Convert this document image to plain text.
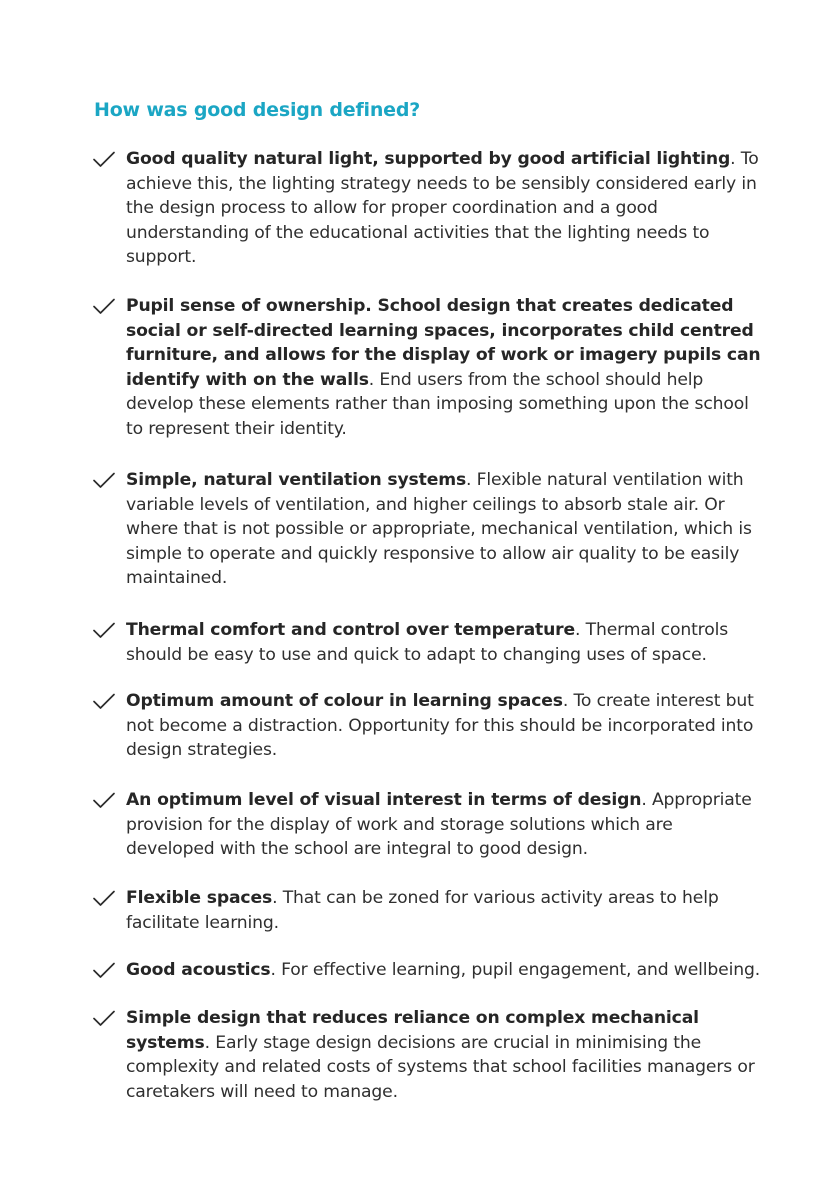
How was good design defined?

Good quality natural light, supported by good artificial lighting. To achieve this, the lighting strategy needs to be sensibly considered early in the design process to allow for proper coordination and a good understanding of the educational activities that the lighting needs to support.

Pupil sense of ownership. School design that creates dedicated social or self-directed learning spaces, incorporates child centred furniture, and allows for the display of work or imagery pupils can identify with on the walls. End users from the school should help develop these elements rather than imposing something upon the school to represent their identity.

Simple, natural ventilation systems. Flexible natural ventilation with variable levels of ventilation, and higher ceilings to absorb stale air. Or where that is not possible or appropriate, mechanical ventilation, which is simple to operate and quickly responsive to allow air quality to be easily maintained.

Thermal comfort and control over temperature. Thermal controls should be easy to use and quick to adapt to changing uses of space.

Optimum amount of colour in learning spaces. To create interest but not become a distraction. Opportunity for this should be incorporated into design strategies.

An optimum level of visual interest in terms of design. Appropriate provision for the display of work and storage solutions which are developed with the school are integral to good design.

Flexible spaces. That can be zoned for various activity areas to help facilitate learning.

Good acoustics. For effective learning, pupil engagement, and wellbeing.

Simple design that reduces reliance on complex mechanical systems. Early stage design decisions are crucial in minimising the complexity and related costs of systems that school facilities managers or caretakers will need to manage.
